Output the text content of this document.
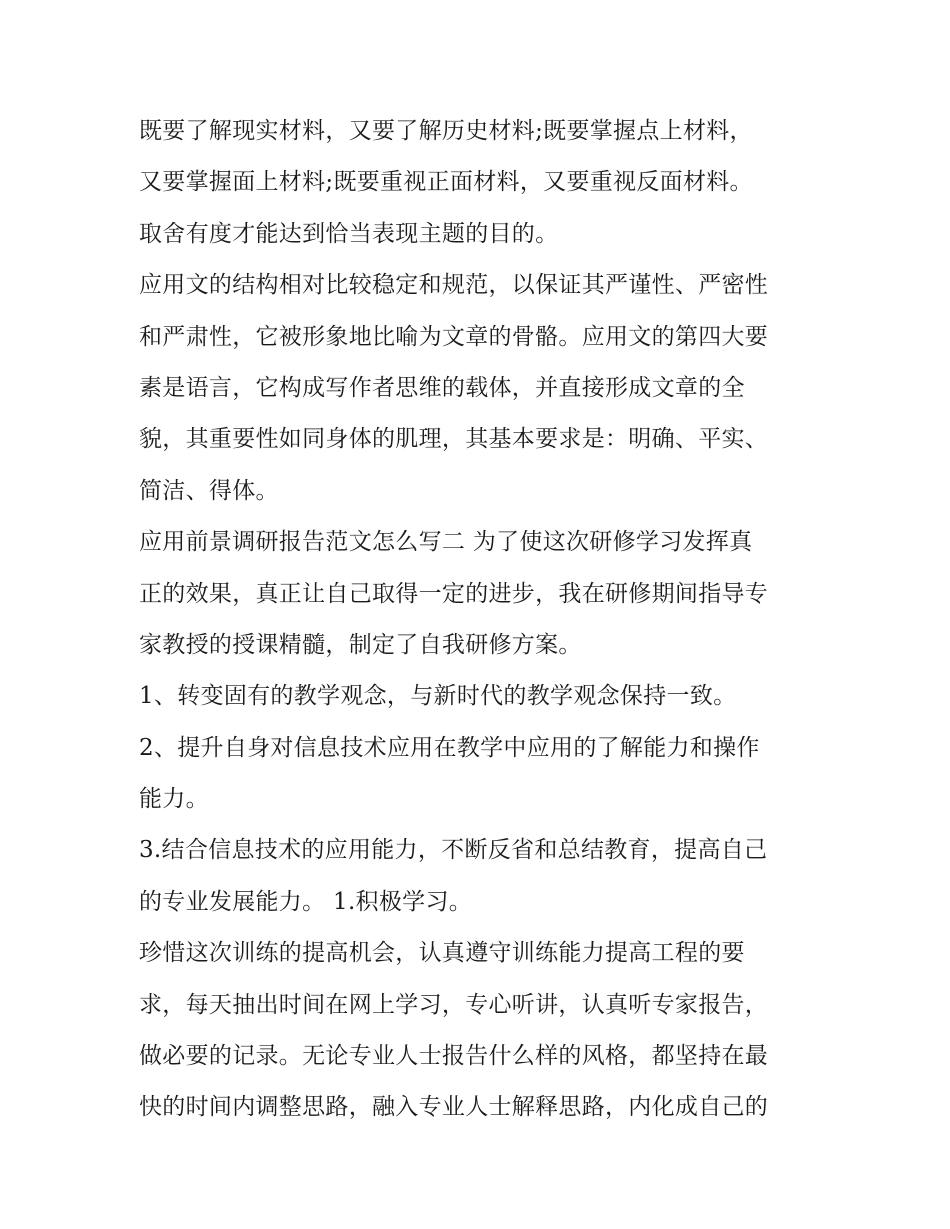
既要了解现实材料，又要了解历史材料;既要掌握点上材料，
又要掌握面上材料;既要重视正面材料，又要重视反面材料。
取舍有度才能达到恰当表现主题的目的。
应用文的结构相对比较稳定和规范，以保证其严谨性、严密性
和严肃性，它被形象地比喻为文章的骨骼。应用文的第四大要
素是语言，它构成写作者思维的载体，并直接形成文章的全
貌，其重要性如同身体的肌理，其基本要求是：明确、平实、
简洁、得体。
应用前景调研报告范文怎么写二 为了使这次研修学习发挥真
正的效果，真正让自己取得一定的进步，我在研修期间指导专
家教授的授课精髓，制定了自我研修方案。
1、转变固有的教学观念，与新时代的教学观念保持一致。
2、提升自身对信息技术应用在教学中应用的了解能力和操作
能力。
3.结合信息技术的应用能力，不断反省和总结教育，提高自己
的专业发展能力。 1.积极学习。
珍惜这次训练的提高机会，认真遵守训练能力提高工程的要
求，每天抽出时间在网上学习，专心听讲，认真听专家报告，
做必要的记录。无论专业人士报告什么样的风格，都坚持在最
快的时间内调整思路，融入专业人士解释思路，内化成自己的
